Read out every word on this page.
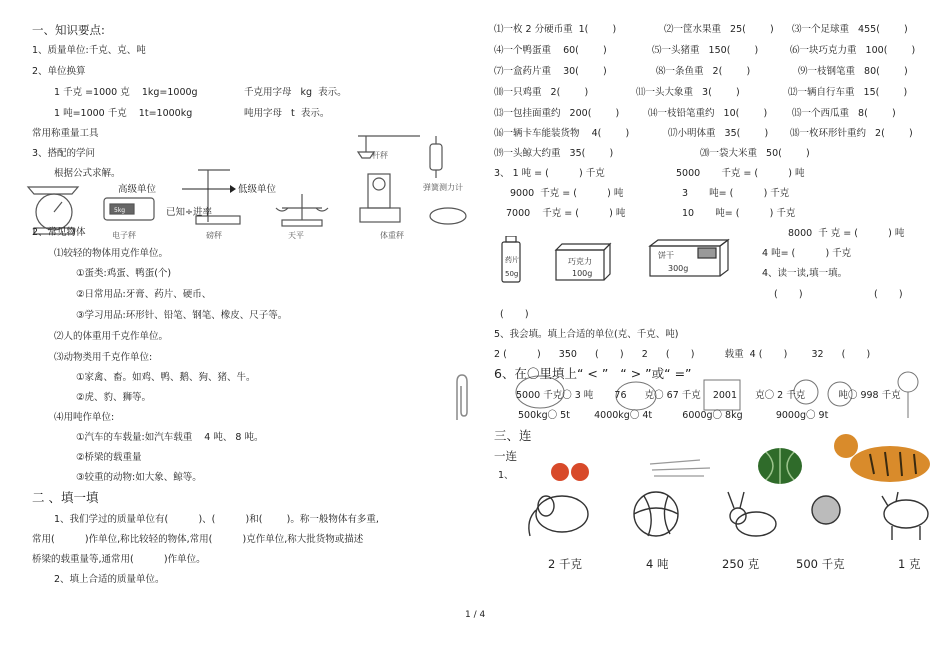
一、知识要点:
1、质量单位:千克、克、吨
2、单位换算
1 千克 =1000 克    1kg=1000g	千克用字母   kg  表示。
1 吨=1000 千克    1t=1000kg	吨用字母   t  表示。
常用称重量工具
3、搭配的学问
根据公式求解。
5kg
电子秤	磅秤	天平
杆秤
弹簧测力计
体重秤
高级单位	低级单位
已知÷进率
2、常见物体
⑴较轻的物体用克作单位。
①蛋类:鸡蛋、鸭蛋(个)
②日常用品:牙膏、药片、硬币、
③学习用品:环形针、铅笔、钢笔、橡皮、尺子等。
⑵人的体重用千克作单位。
⑶动物类用千克作单位:
①家禽、畜。如鸡、鸭、鹅、狗、猪、牛。
②虎、豹、狮等。
⑷用吨作单位:
①汽车的车载量:如汽车载重    4 吨、 8 吨。
②桥梁的载重量
③较重的动物:如大象、鲸等。
二 、填一填
1、我们学过的质量单位有(          )、(          )和(        )。称一般物体有多重,
常用(          )作单位,称比较轻的物体,常用(          )克作单位,称大批货物或描述
桥梁的载重量等,通常用(          )作单位。
2、填上合适的质量单位。
⑴一枚 2 分硬币重  1(        )	⑵一筐水果重   25(        ) ⑶一个足球重   455(        )
⑷一个鸭蛋重    60(        )	⑸一头猪重   150(        )	⑹一块巧克力重   100(        )
⑺一盒药片重    30(        )	⑻一条鱼重   2(        )	⑼一枝钢笔重   80(        )
⑽一只鸡重   2(        )	⑾一头大象重   3(        )	⑿一辆自行车重   15(        )
⒀一包挂面重约   200(        )	⒁一枝铅笔重约   10(        )	⒂一个西瓜重   8(        )
⒃一辆卡车能装货物    4(        )	⒄小明体重   35(        ) ⒅一枚环形针重约   2(        )
⒆一头鲸大约重   35(        )	⒇一袋大米重   50(        )
3、 1 吨 = (          ) 千克	5000       千克 = (          ) 吨
9000  千克 = (          ) 吨	3       吨= (          ) 千克
7000    千克 = (          ) 吨	10       吨= (          ) 千克
8000  千 克 = (          ) 吨
4 吨= (          ) 千克
4、读一读,填一填。
药片
50g
巧克力
100g
饼干
300g
(       )	(       )
(       )
5、我会填。填上合适的单位(克、千克、吨)
2 (          )      350      (       )      2      (       )          载重  4 (       )        32      (       )
6、在〇里填上“ < ”   “ > ”或“ =”
5000 千克〇 3 吨       76      克〇 67 千克    2001      克〇 2 千克           吨〇 998 千克
500kg〇 5t        4000kg〇 4t          6000g〇 8kg           9000g〇 9t
三、连
一连
1、
2 千克	4 吨	250 克	500 千克	1 克
1 / 4
